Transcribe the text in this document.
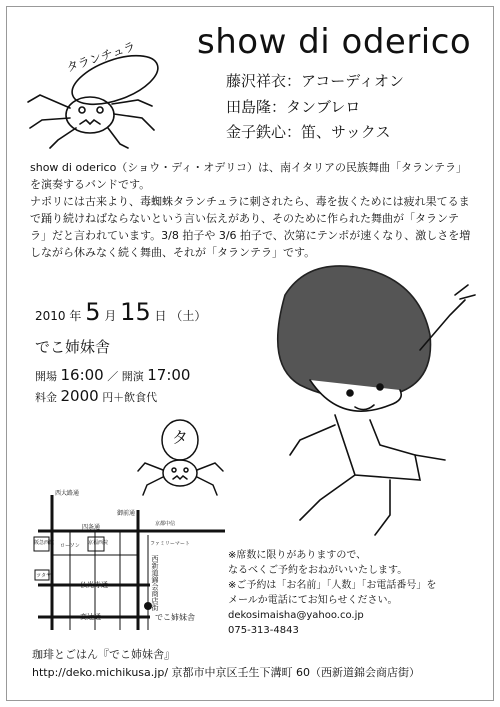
タランチュラ show di oderico
藤沢祥衣：アコーディオン
田島隆：タンブレロ
金子鉄心：笛、サックス

show di oderico（ショウ・ディ・オデリコ）は、南イタリアの民族舞曲「タランテラ」を演奏するバンドです。

ナポリには古来より、毒蜘蛛タランチュラに刺されたら、毒を抜くためには疲れ果てるまで踊り続けねばならないという言い伝えがあり、そのために作られた舞曲が「タランテラ」だと言われています。3/8 拍子や 3/6 拍子で、次第にテンポが速くなり、激しさを増しながら休みなく続く舞曲、それが「タランテラ」です。

2010 年 5 月 15 日 （土）
でこ姉妹舎
開場 16:00 ／ 開演 17:00
料金 2000 円＋飲食代
タ
西大路通
四条通
御前通
京都中信
ファミリーマート
阪急西院 ローソン 京福西院
西新道錦会商店街
ツタヤ
仏光寺通
高辻通	でこ姉妹舎
※席数に限りがありますので、
なるべくご予約をおねがいいたします。
※ご予約は「お名前」「人数」「お電話番号」を
メールか電話にてお知らせください。
dekosimaisha@yahoo.co.jp
075-313-4843
珈琲とごはん『でこ姉妹舎』
http://deko.michikusa.jp/ 京都市中京区壬生下溝町 60（西新道錦会商店街）
